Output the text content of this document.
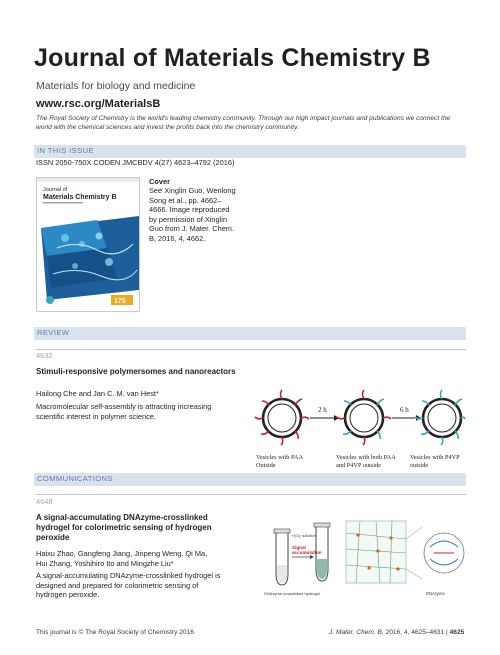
Journal of Materials Chemistry B
Materials for biology and medicine
www.rsc.org/MaterialsB
The Royal Society of Chemistry is the world's leading chemistry community. Through our high impact journals and publications we connect the world with the chemical sciences and invest the profits back into the chemistry community.
IN THIS ISSUE
ISSN 2050-750X CODEN JMCBDV 4(27) 4623–4792 (2016)
Journal of
Materials Chemistry B
175
Cover
See Xinglin Guo, Wenlong Song et al., pp. 4662–4666. Image reproduced by permission of Xinglin Guo from J. Mater. Chem. B, 2016, 4, 4662.
REVIEW
4632
Stimuli-responsive polymersomes and nanoreactors
Hailong Che and Jan C. M. van Hest*
Macromolecular self-assembly is attracting increasing scientific interest in polymer science.
2 h	6 h
Vesicles with PAA
Outside
Vesicles with both PAA
and P4VP outside
Vesicles with P4VP
outside
COMMUNICATIONS
4648
A signal-accumulating DNAzyme-crosslinked hydrogel for colorimetric sensing of hydrogen peroxide
Haixu Zhao, Gangfeng Jiang, Jinpeng Weng, Qi Ma, Hui Zhang, Yoshihiro Ito and Mingzhe Liu*
A signal-accumulating DNAzyme-crosslinked hydrogel is designed and prepared for colorimetric sensing of hydrogen peroxide.
H₂O₂ solution
DNAzyme-crosslinked hydrogel
Signal
accumulation
DNAzyme
This journal is © The Royal Society of Chemistry 2016	J. Mater. Chem. B, 2016, 4, 4625–4631 | 4625
